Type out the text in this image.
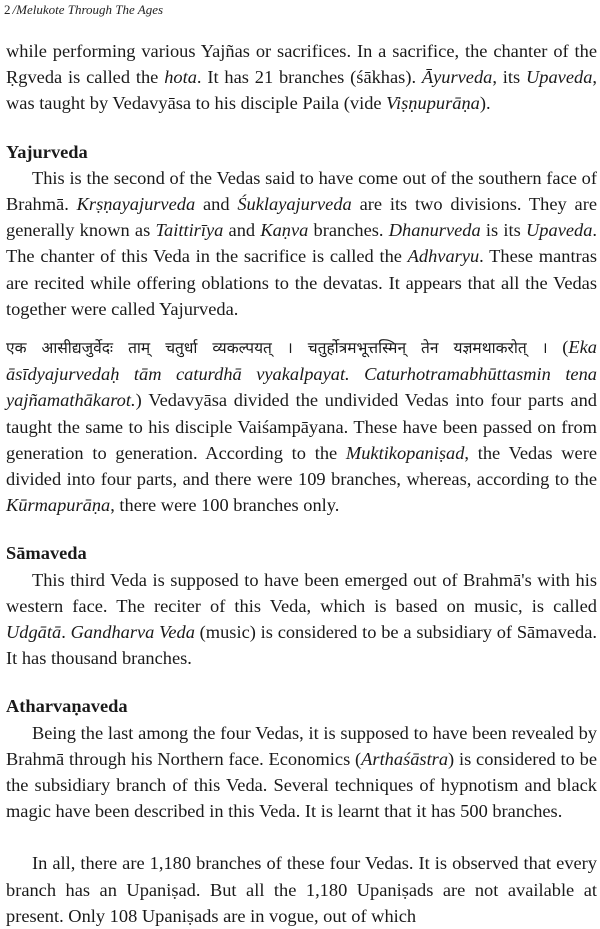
2 /Melukote Through The Ages

while performing various Yajñas or sacrifices. In a sacrifice, the chanter of the Ṛgveda is called the hota. It has 21 branches (śākhas). Āyurveda, its Upaveda, was taught by Vedavyāsa to his disciple Paila (vide Viṣṇupurāṇa).

Yajurveda

This is the second of the Vedas said to have come out of the southern face of Brahmā. Krṣṇayajurveda and Śuklayajurveda are its two divisions. They are generally known as Taittirīya and Kaṇva branches. Dhanurveda is its Upaveda. The chanter of this Veda in the sacrifice is called the Adhvaryu. These mantras are recited while offering oblations to the devatas. It appears that all the Vedas together were called Yajurveda.

एक आसीद्यजुर्वेदः ताम् चतुर्धा व्यकल्पयत् । चतुर्होत्रमभूत्तस्मिन् तेन यज्ञमथाकरोत् । (Eka āsīdyajurvedaḥ tām caturdhā vyakalpayat. Caturhotramabhūttasmin tena yajñamathākarot.) Vedavyāsa divided the undivided Vedas into four parts and taught the same to his disciple Vaiśampāyana. These have been passed on from generation to generation. According to the Muktikopaniṣad, the Vedas were divided into four parts, and there were 109 branches, whereas, according to the Kūrmapurāṇa, there were 100 branches only.

Sāmaveda

This third Veda is supposed to have been emerged out of Brahmā's with his western face. The reciter of this Veda, which is based on music, is called Udgātā. Gandharva Veda (music) is considered to be a subsidiary of Sāmaveda. It has thousand branches.

Atharvaṇaveda

Being the last among the four Vedas, it is supposed to have been revealed by Brahmā through his Northern face. Economics (Arthaśāstra) is considered to be the subsidiary branch of this Veda. Several techniques of hypnotism and black magic have been described in this Veda. It is learnt that it has 500 branches.

In all, there are 1,180 branches of these four Vedas. It is observed that every branch has an Upaniṣad. But all the 1,180 Upaniṣads are not available at present. Only 108 Upaniṣads are in vogue, out of which
